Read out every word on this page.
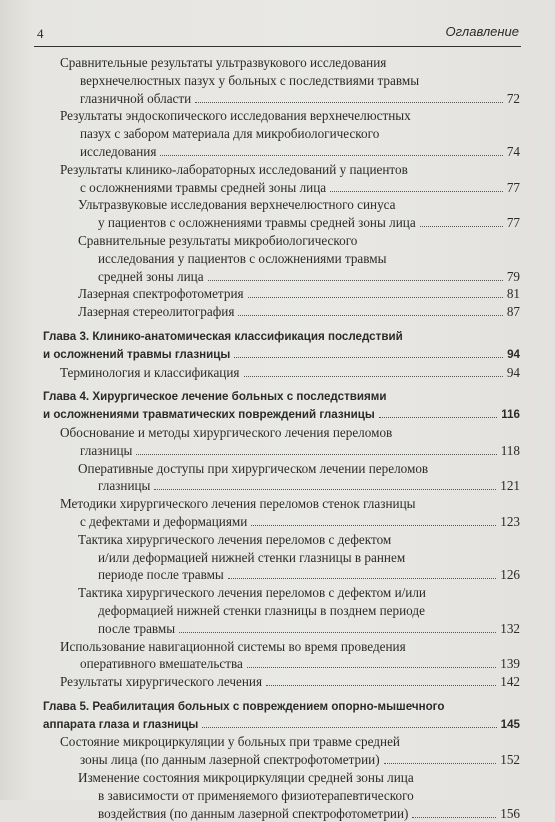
4	Оглавление
Сравнительные результаты ультразвукового исследования
верхнечелюстных пазух у больных с последствиями травмы
глазничной области	72
Результаты эндоскопического исследования верхнечелюстных
пазух с забором материала для микробиологического
исследования	74
Результаты клинико-лабораторных исследований у пациентов
с осложнениями травмы средней зоны лица	77
Ультразвуковые исследования верхнечелюстного синуса
у пациентов с осложнениями травмы средней зоны лица	77
Сравнительные результаты микробиологического
исследования у пациентов с осложнениями травмы
средней зоны лица	79
Лазерная спектрофотометрия	81
Лазерная стереолитография	87
Глава 3. Клинико-анатомическая классификация последствий
и осложнений травмы глазницы	94
Терминология и классификация	94
Глава 4. Хирургическое лечение больных с последствиями
и осложнениями травматических повреждений глазницы	116
Обоснование и методы хирургического лечения переломов
глазницы	118
Оперативные доступы при хирургическом лечении переломов
глазницы	121
Методики хирургического лечения переломов стенок глазницы
с дефектами и деформациями	123
Тактика хирургического лечения переломов с дефектом
и/или деформацией нижней стенки глазницы в раннем
периоде после травмы	126
Тактика хирургического лечения переломов с дефектом и/или
деформацией нижней стенки глазницы в позднем периоде
после травмы	132
Использование навигационной системы во время проведения
оперативного вмешательства	139
Результаты хирургического лечения	142
Глава 5. Реабилитация больных с повреждением опорно-мышечного
аппарата глаза и глазницы	145
Состояние микроциркуляции у больных при травме средней
зоны лица (по данным лазерной спектрофотометрии)	152
Изменение состояния микроциркуляции средней зоны лица
в зависимости от применяемого физиотерапевтического
воздействия (по данным лазерной спектрофотометрии)	156
